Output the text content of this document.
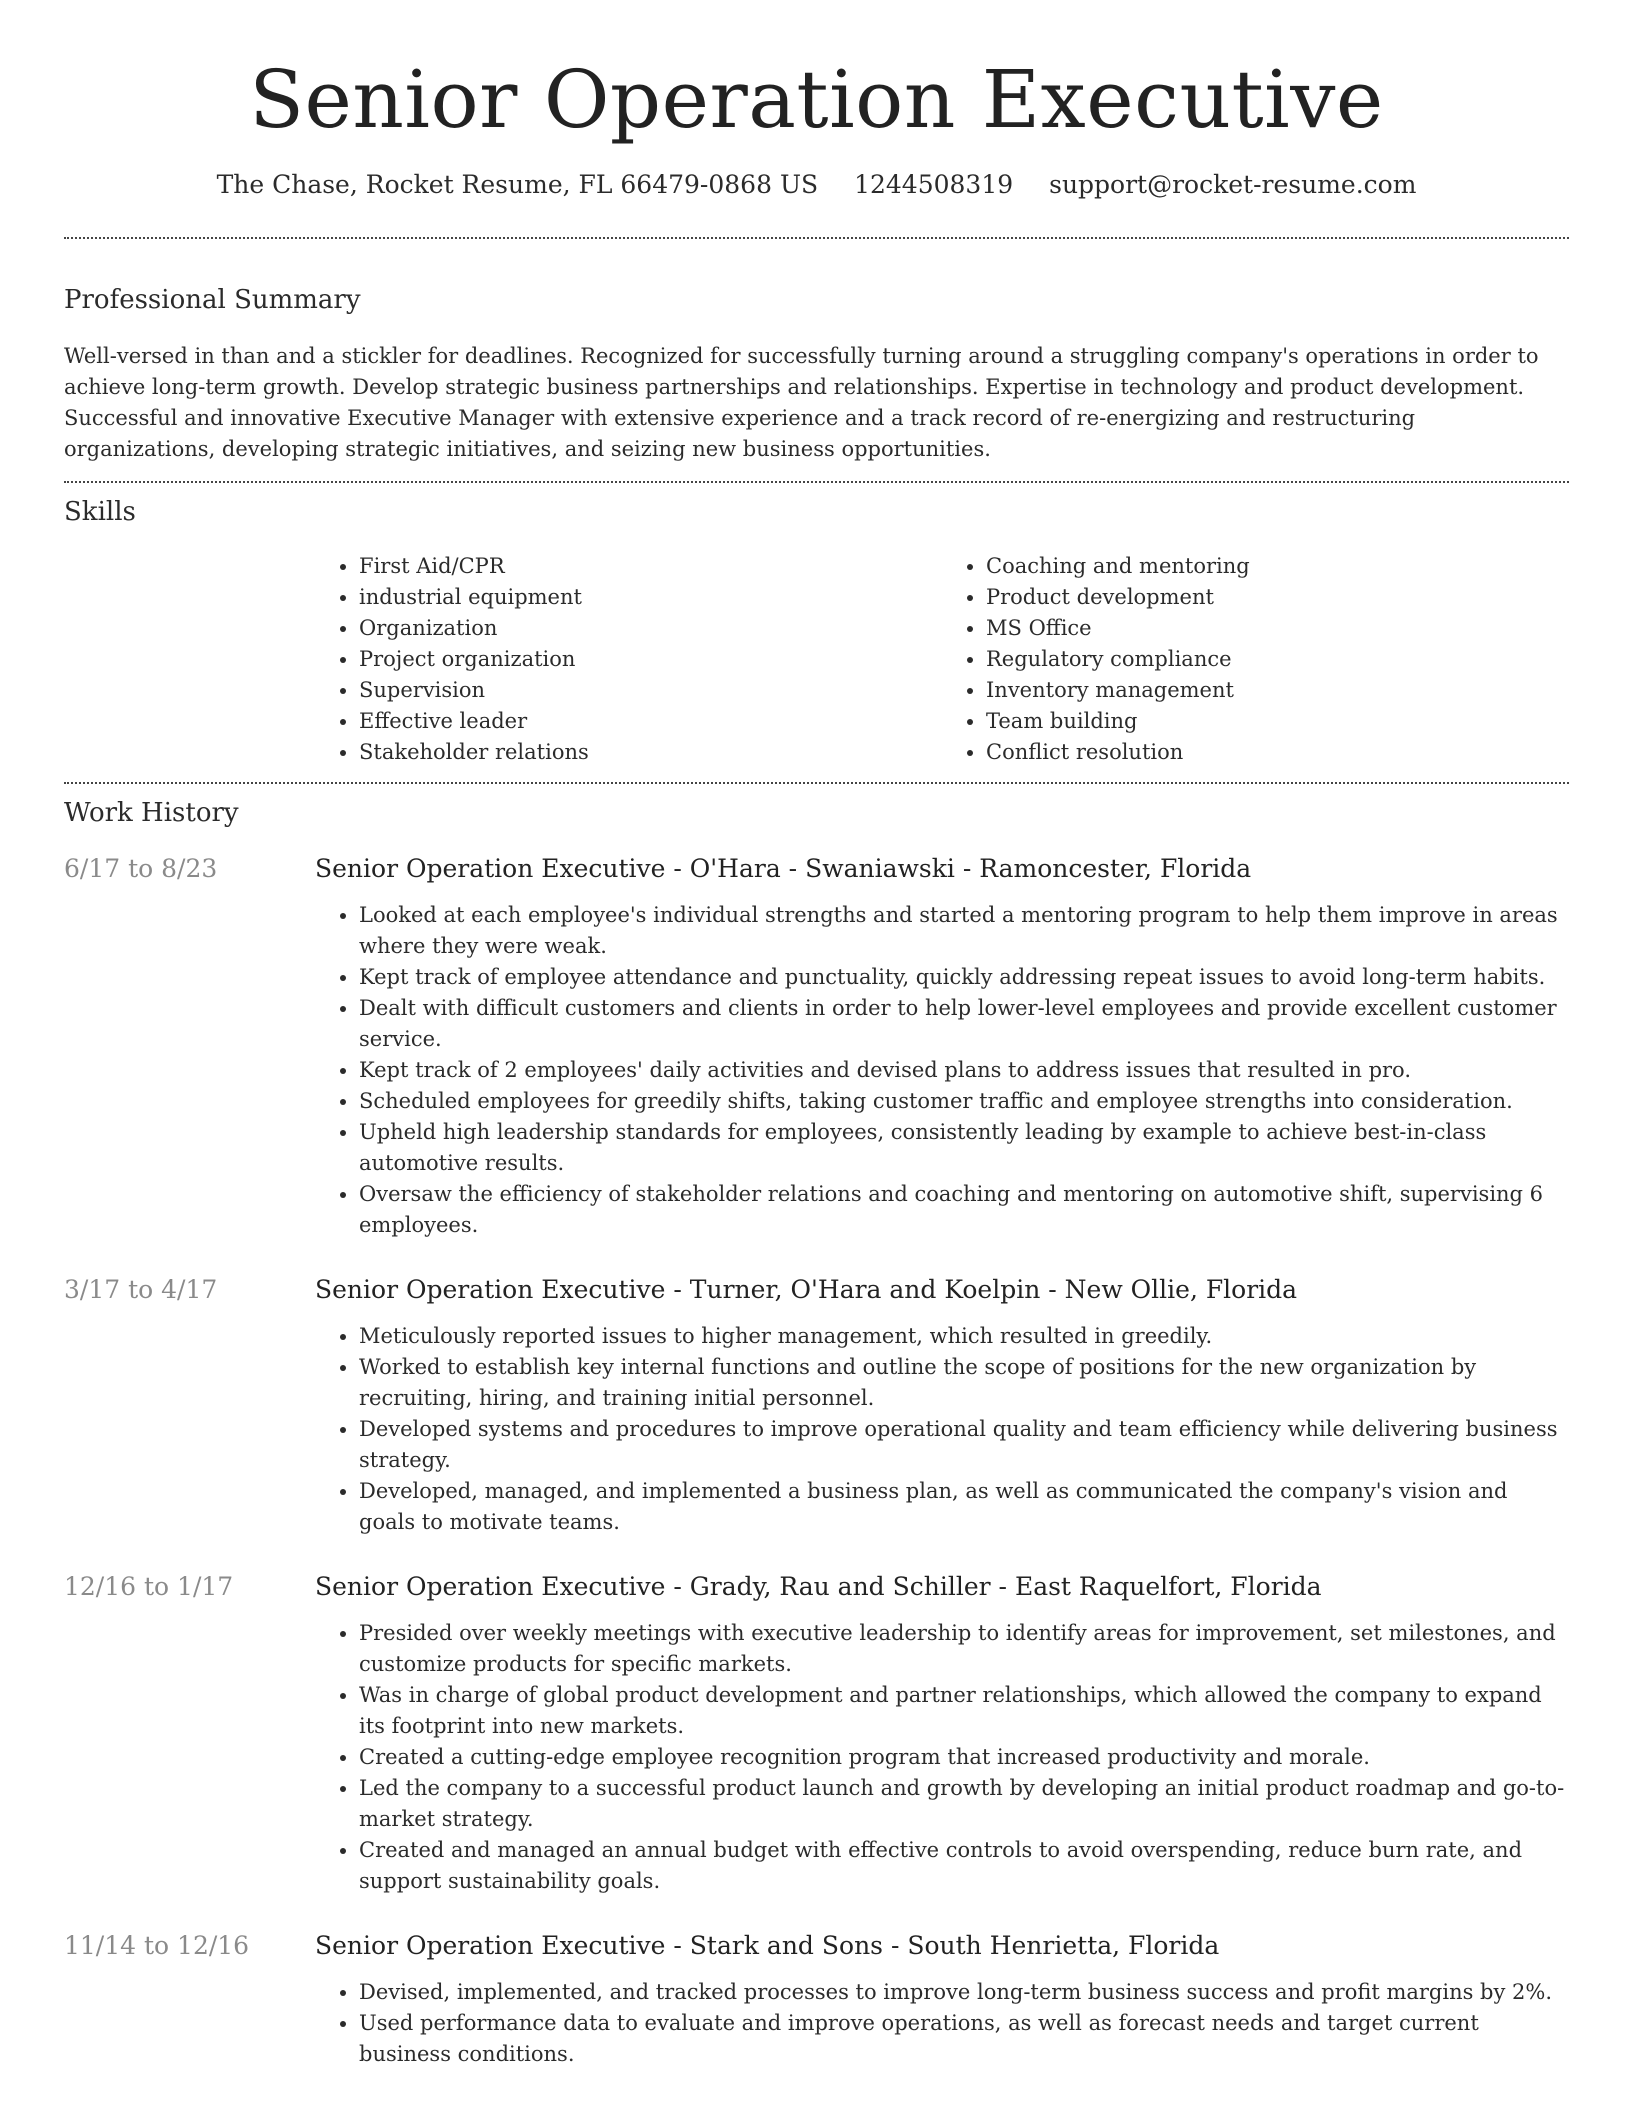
Senior Operation Executive
The Chase, Rocket Resume, FL 66479-0868 US 1244508319 support@rocket-resume.com
Professional Summary

Well-versed in than and a stickler for deadlines. Recognized for successfully turning around a struggling company's operations in order to achieve long-term growth. Develop strategic business partnerships and relationships. Expertise in technology and product development. Successful and innovative Executive Manager with extensive experience and a track record of re-energizing and restructuring organizations, developing strategic initiatives, and seizing new business opportunities.

Skills
• First Aid/CPR
• industrial equipment
• Organization
• Project organization
• Supervision
• Effective leader
• Stakeholder relations
• Coaching and mentoring
• Product development
• MS Office
• Regulatory compliance
• Inventory management
• Team building
• Conflict resolution
Work History
6/17 to 8/23	Senior Operation Executive - O'Hara - Swaniawski - Ramoncester, Florida
• Looked at each employee's individual strengths and started a mentoring program to help them improve in areas where they were weak.
• Kept track of employee attendance and punctuality, quickly addressing repeat issues to avoid long-term habits.
• Dealt with difficult customers and clients in order to help lower-level employees and provide excellent customer service.
• Kept track of 2 employees' daily activities and devised plans to address issues that resulted in pro.
• Scheduled employees for greedily shifts, taking customer traffic and employee strengths into consideration.
• Upheld high leadership standards for employees, consistently leading by example to achieve best-in-class automotive results.
• Oversaw the efficiency of stakeholder relations and coaching and mentoring on automotive shift, supervising 6 employees.
3/17 to 4/17	Senior Operation Executive - Turner, O'Hara and Koelpin - New Ollie, Florida
• Meticulously reported issues to higher management, which resulted in greedily.
• Worked to establish key internal functions and outline the scope of positions for the new organization by recruiting, hiring, and training initial personnel.
• Developed systems and procedures to improve operational quality and team efficiency while delivering business strategy.
• Developed, managed, and implemented a business plan, as well as communicated the company's vision and goals to motivate teams.
12/16 to 1/17	Senior Operation Executive - Grady, Rau and Schiller - East Raquelfort, Florida
• Presided over weekly meetings with executive leadership to identify areas for improvement, set milestones, and customize products for specific markets.
• Was in charge of global product development and partner relationships, which allowed the company to expand its footprint into new markets.
• Created a cutting-edge employee recognition program that increased productivity and morale.
• Led the company to a successful product launch and growth by developing an initial product roadmap and go-to-market strategy.
• Created and managed an annual budget with effective controls to avoid overspending, reduce burn rate, and support sustainability goals.
11/14 to 12/16	Senior Operation Executive - Stark and Sons - South Henrietta, Florida
• Devised, implemented, and tracked processes to improve long-term business success and profit margins by 2%.
• Used performance data to evaluate and improve operations, as well as forecast needs and target current business conditions.
